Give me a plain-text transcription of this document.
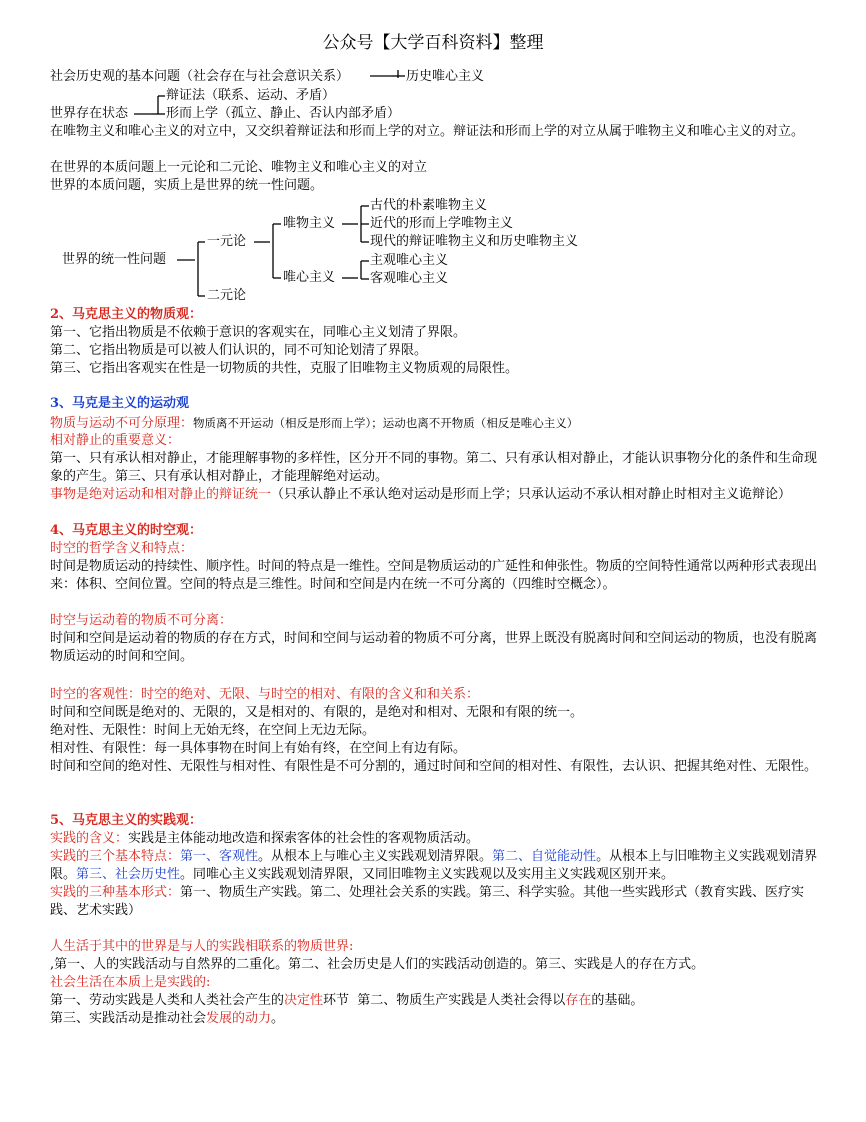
公众号【大学百科资料】整理
社会历史观的基本问题（社会存在与社会意识关系）	历史唯心主义
辩证法（联系、运动、矛盾）
世界存在状态	形而上学（孤立、静止、否认内部矛盾）
在唯物主义和唯心主义的对立中，又交织着辩证法和形而上学的对立。辩证法和形而上学的对立从属于唯物主义和唯心主义的对立。
在世界的本质问题上一元论和二元论、唯物主义和唯心主义的对立
世界的本质问题，实质上是世界的统一性问题。
世界的统一性问题
一元论
二元论
唯物主义
唯心主义
古代的朴素唯物主义
近代的形而上学唯物主义
现代的辩证唯物主义和历史唯物主义
主观唯心主义
客观唯心主义
2、马克思主义的物质观：
第一、它指出物质是不依赖于意识的客观实在，同唯心主义划清了界限。
第二、它指出物质是可以被人们认识的，同不可知论划清了界限。
第三、它指出客观实在性是一切物质的共性，克服了旧唯物主义物质观的局限性。
3、马克是主义的运动观
物质与运动不可分原理：物质离不开运动（相反是形而上学）；运动也离不开物质（相反是唯心主义）
相对静止的重要意义：
第一、只有承认相对静止，才能理解事物的多样性，区分开不同的事物。第二、只有承认相对静止，才能认识事物分化的条件和生命现象的产生。第三、只有承认相对静止，才能理解绝对运动。
事物是绝对运动和相对静止的辩证统一（只承认静止不承认绝对运动是形而上学；只承认运动不承认相对静止时相对主义诡辩论）
4、马克思主义的时空观：
时空的哲学含义和特点：
时间是物质运动的持续性、顺序性。时间的特点是一维性。空间是物质运动的广延性和伸张性。物质的空间特性通常以两种形式表现出来：体积、空间位置。空间的特点是三维性。时间和空间是内在统一不可分离的（四维时空概念）。
时空与运动着的物质不可分离：
时间和空间是运动着的物质的存在方式，时间和空间与运动着的物质不可分离，世界上既没有脱离时间和空间运动的物质，也没有脱离物质运动的时间和空间。
时空的客观性：时空的绝对、无限、与时空的相对、有限的含义和和关系：
时间和空间既是绝对的、无限的，又是相对的、有限的，是绝对和相对、无限和有限的统一。
绝对性、无限性：时间上无始无终，在空间上无边无际。
相对性、有限性：每一具体事物在时间上有始有终，在空间上有边有际。
时间和空间的绝对性、无限性与相对性、有限性是不可分割的，通过时间和空间的相对性、有限性，去认识、把握其绝对性、无限性。
5、马克思主义的实践观：
实践的含义：实践是主体能动地改造和探索客体的社会性的客观物质活动。
实践的三个基本特点：第一、客观性。从根本上与唯心主义实践观划清界限。第二、自觉能动性。从根本上与旧唯物主义实践观划清界限。第三、社会历史性。同唯心主义实践观划清界限，又同旧唯物主义实践观以及实用主义实践观区别开来。
实践的三种基本形式：第一、物质生产实践。第二、处理社会关系的实践。第三、科学实验。其他一些实践形式（教育实践、医疗实践、艺术实践）
人生活于其中的世界是与人的实践相联系的物质世界:
,第一、人的实践活动与自然界的二重化。第二、社会历史是人们的实践活动创造的。第三、实践是人的存在方式。
社会生活在本质上是实践的:
第一、劳动实践是人类和人类社会产生的决定性环节  第二、物质生产实践是人类社会得以存在的基础。
第三、实践活动是推动社会发展的动力。
